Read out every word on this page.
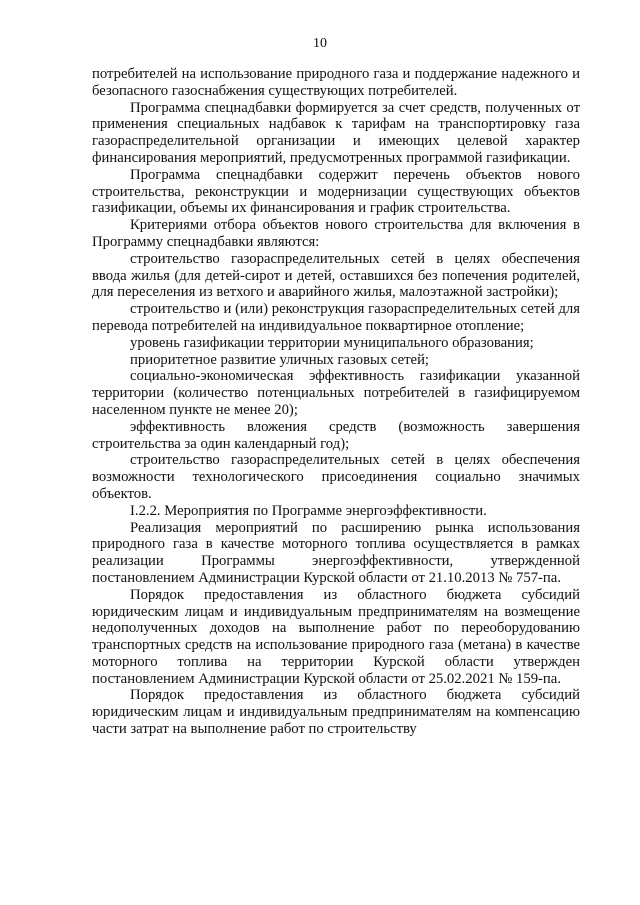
10

потребителей на использование природного газа и поддержание надежного и безопасного газоснабжения существующих потребителей.

Программа спецнадбавки формируется за счет средств, полученных от применения специальных надбавок к тарифам на транспортировку газа газораспределительной организации и имеющих целевой характер финансирования мероприятий, предусмотренных программой газификации.

Программа спецнадбавки содержит перечень объектов нового строительства, реконструкции и модернизации существующих объектов газификации, объемы их финансирования и график строительства.

Критериями отбора объектов нового строительства для включения в Программу спецнадбавки являются:

строительство газораспределительных сетей в целях обеспечения ввода жилья (для детей-сирот и детей, оставшихся без попечения родителей, для переселения из ветхого и аварийного жилья, малоэтажной застройки);

строительство и (или) реконструкция газораспределительных сетей для перевода потребителей на индивидуальное поквартирное отопление;

уровень газификации территории муниципального образования;

приоритетное развитие уличных газовых сетей;

социально-экономическая эффективность газификации указанной территории (количество потенциальных потребителей в газифицируемом населенном пункте не менее 20);

эффективность вложения средств (возможность завершения строительства за один календарный год);

строительство газораспределительных сетей в целях обеспечения возможности технологического присоединения социально значимых объектов.

I.2.2. Мероприятия по Программе энергоэффективности.

Реализация мероприятий по расширению рынка использования природного газа в качестве моторного топлива осуществляется в рамках реализации Программы энергоэффективности, утвержденной постановлением Администрации Курской области от 21.10.2013 № 757-па.

Порядок предоставления из областного бюджета субсидий юридическим лицам и индивидуальным предпринимателям на возмещение недополученных доходов на выполнение работ по переоборудованию транспортных средств на использование природного газа (метана) в качестве моторного топлива на территории Курской области утвержден постановлением Администрации Курской области от 25.02.2021 № 159-па.

Порядок предоставления из областного бюджета субсидий юридическим лицам и индивидуальным предпринимателям на компенсацию части затрат на выполнение работ по строительству
